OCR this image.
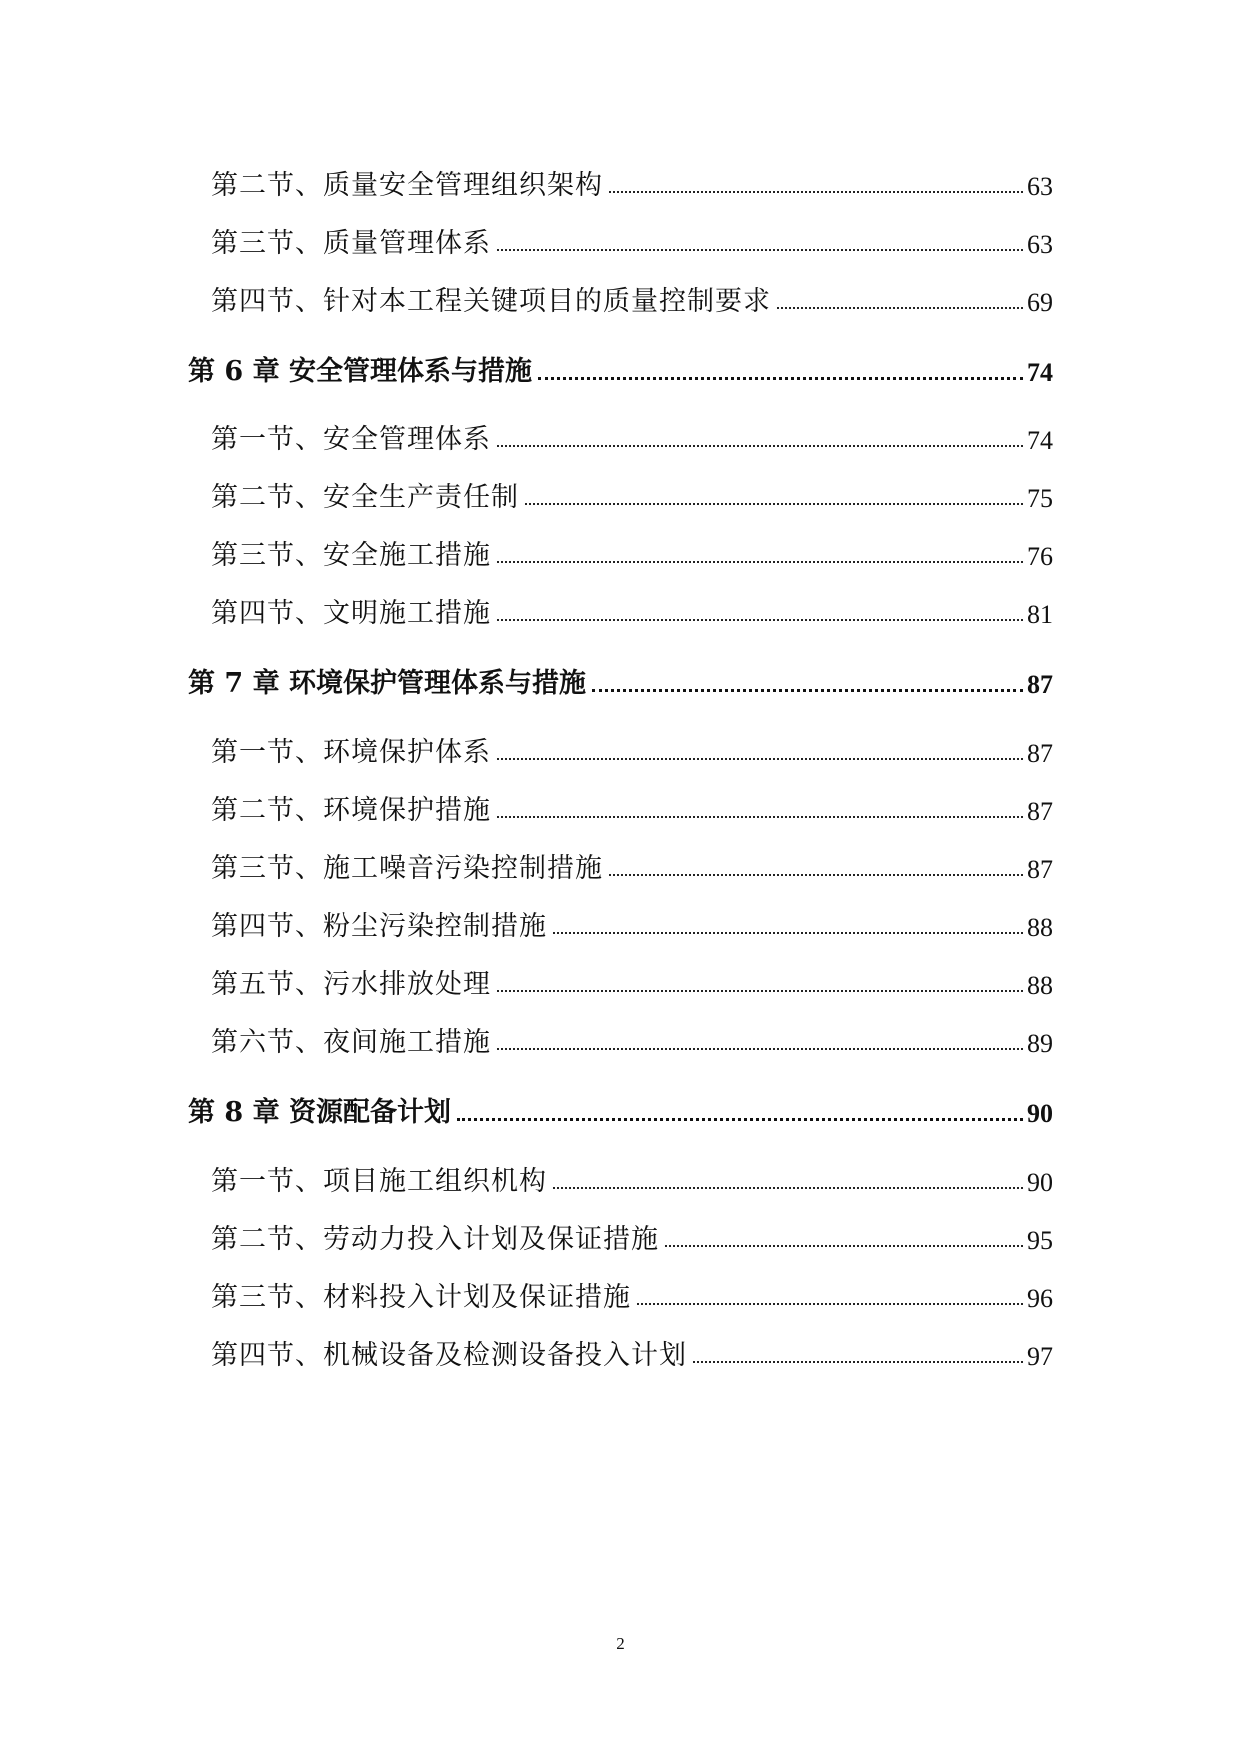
第二节、质量安全管理组织架构	63
第三节、质量管理体系	63
第四节、针对本工程关键项目的质量控制要求	69
第 6 章 安全管理体系与措施	74
第一节、安全管理体系	74
第二节、安全生产责任制	75
第三节、安全施工措施	76
第四节、文明施工措施	81
第 7 章 环境保护管理体系与措施	87
第一节、环境保护体系	87
第二节、环境保护措施	87
第三节、施工噪音污染控制措施	87
第四节、粉尘污染控制措施	88
第五节、污水排放处理	88
第六节、夜间施工措施	89
第 8 章 资源配备计划	90
第一节、项目施工组织机构	90
第二节、劳动力投入计划及保证措施	95
第三节、材料投入计划及保证措施	96
第四节、机械设备及检测设备投入计划	97
2
